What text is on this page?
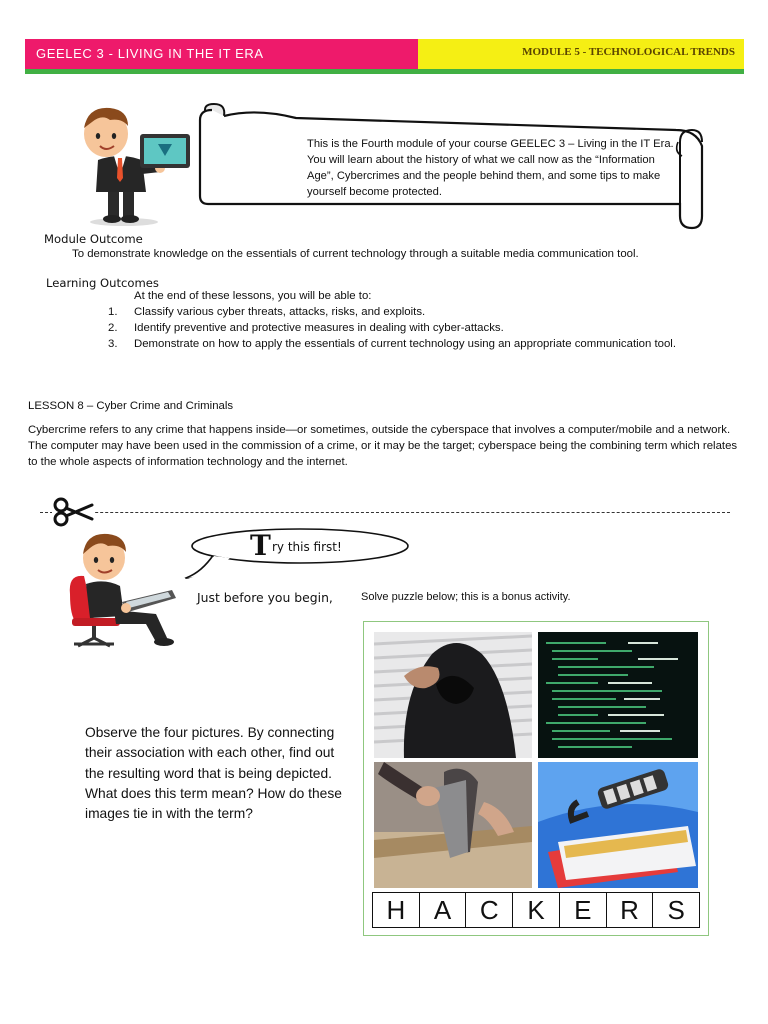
GEELEC 3 - LIVING IN THE IT ERA	MODULE 5 - TECHNOLOGICAL TRENDS
This is the Fourth module of your course GEELEC 3 – Living in the IT Era. You will learn about the history of what we call now as the “Information Age”, Cybercrimes and the people behind them, and some tips to make yourself become protected.
Module Outcome
To demonstrate knowledge on the essentials of current technology through a suitable media communication tool.
Learning Outcomes
At the end of these lessons, you will be able to:
1.	Classify various cyber threats, attacks, risks, and exploits.
2.	Identify preventive and protective measures in dealing with cyber-attacks.
3.	Demonstrate on how to apply the essentials of current technology using an appropriate communication tool.
LESSON 8 – Cyber Crime and Criminals
Cybercrime refers to any crime that happens inside—or sometimes, outside the cyberspace that involves a computer/mobile and a network. The computer may have been used in the commission of a crime, or it may be the target; cyberspace being the combining term which relates to the whole aspects of information technology and the internet.
T ry this first!
Just before you begin,	Solve puzzle below; this is a bonus activity.
Observe the four pictures. By connecting their association with each other, find out the resulting word that is being depicted. What does this term mean? How do these images tie in with the term?
H	A	C	K	E	R	S
